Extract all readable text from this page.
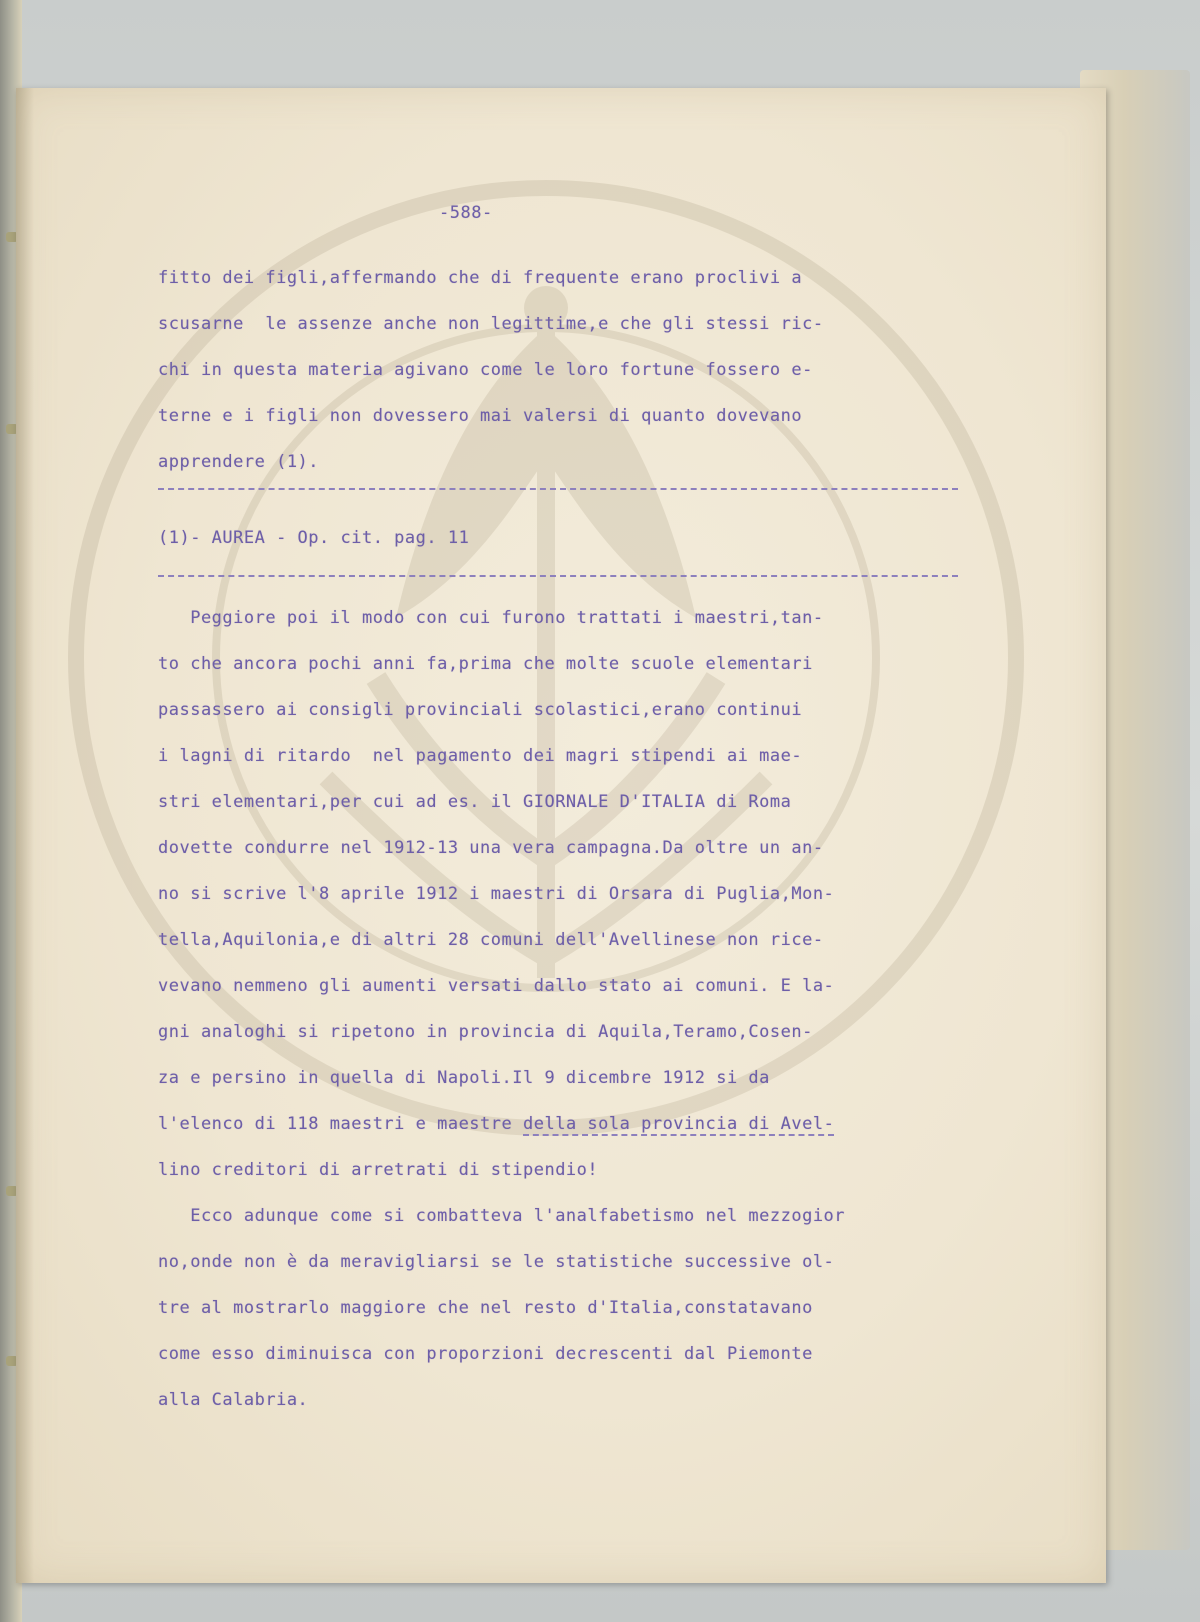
-588-
fitto dei figli,affermando che di frequente erano proclivi a
scusarne  le assenze anche non legittime,e che gli stessi ric-
chi in questa materia agivano come le loro fortune fossero e-
terne e i figli non dovessero mai valersi di quanto dovevano
apprendere (1).
(1)- AUREA - Op. cit. pag. 11
Peggiore poi il modo con cui furono trattati i maestri,tan-
to che ancora pochi anni fa,prima che molte scuole elementari
passassero ai consigli provinciali scolastici,erano continui
i lagni di ritardo  nel pagamento dei magri stipendi ai mae-
stri elementari,per cui ad es. il GIORNALE D'ITALIA di Roma
dovette condurre nel 1912-13 una vera campagna.Da oltre un an-
no si scrive l'8 aprile 1912 i maestri di Orsara di Puglia,Mon-
tella,Aquilonia,e di altri 28 comuni dell'Avellinese non rice-
vevano nemmeno gli aumenti versati dallo stato ai comuni. E la-
gni analoghi si ripetono in provincia di Aquila,Teramo,Cosen-
za e persino in quella di Napoli.Il 9 dicembre 1912 si da
l'elenco di 118 maestri e maestre della sola provincia di Avel-
lino creditori di arretrati di stipendio!
Ecco adunque come si combatteva l'analfabetismo nel mezzogior
no,onde non è da meravigliarsi se le statistiche successive ol-
tre al mostrarlo maggiore che nel resto d'Italia,constatavano
come esso diminuisca con proporzioni decrescenti dal Piemonte
alla Calabria.
